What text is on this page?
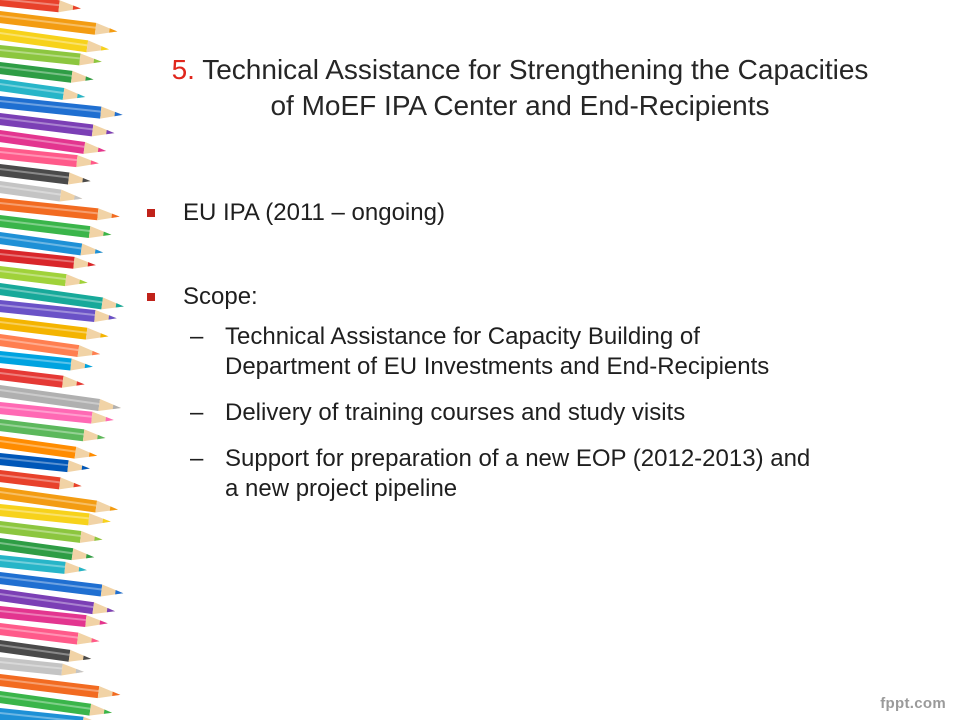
5. Technical Assistance for Strengthening the Capacities
of MoEF IPA Center and End-Recipients
EU IPA (2011 – ongoing)
Scope:
– Technical Assistance for Capacity Building of
Department of EU Investments and End-Recipients
– Delivery of training courses and study visits
– Support for preparation of a new EOP (2012-2013) and
a new project pipeline
fppt.com
